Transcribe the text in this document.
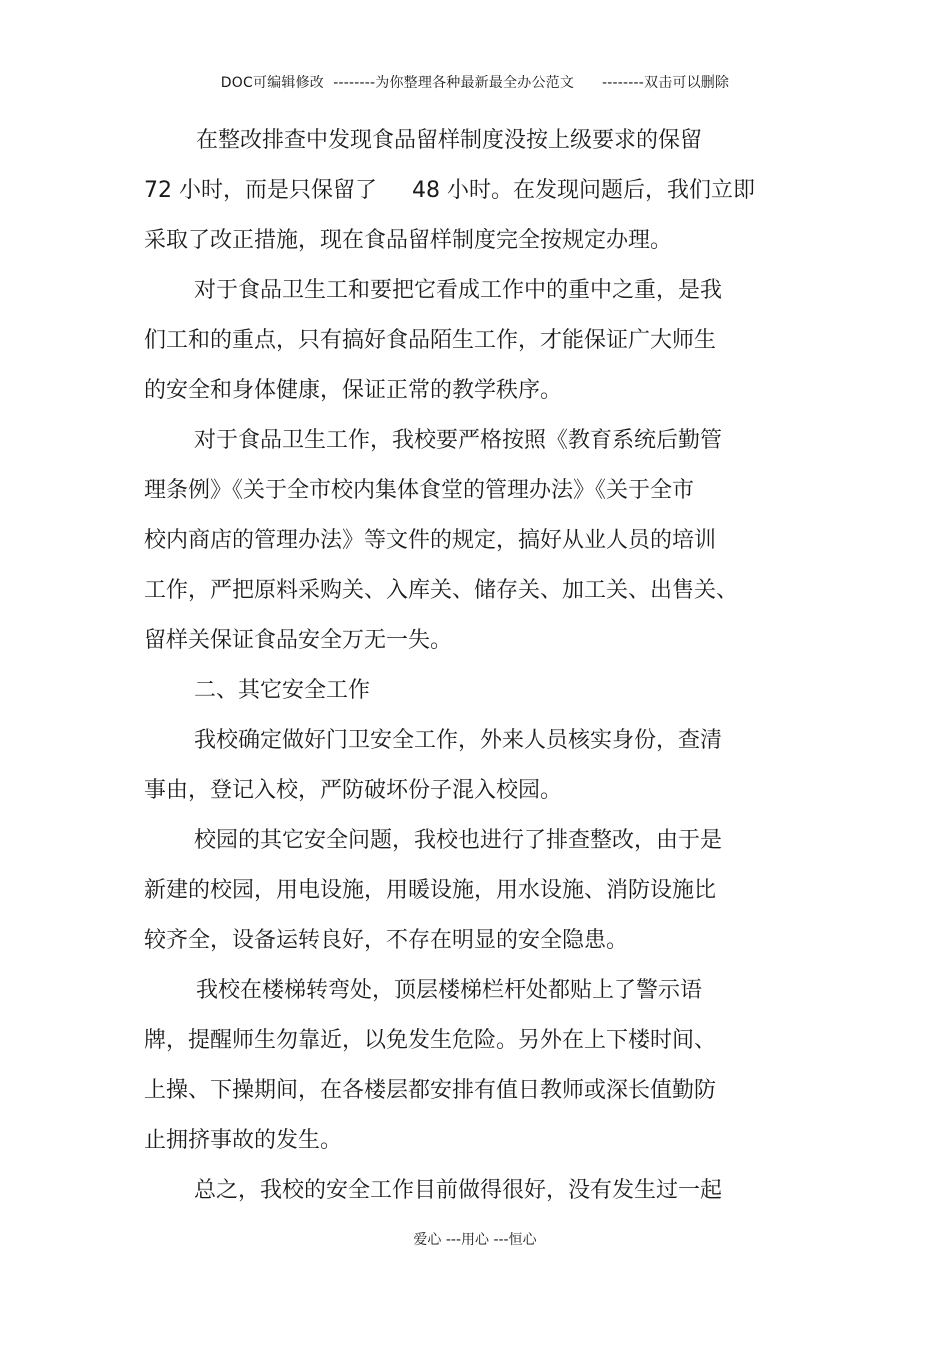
DOC可编辑修改  --------为你整理各种最新最全办公范文      --------双击可以删除
在整改排查中发现食品留样制度没按上级要求的保留
72 小时，而是只保留了     48 小时。在发现问题后，我们立即
采取了改正措施，现在食品留样制度完全按规定办理。
对于食品卫生工和要把它看成工作中的重中之重，是我
们工和的重点，只有搞好食品陌生工作，才能保证广大师生
的安全和身体健康，保证正常的教学秩序。
对于食品卫生工作，我校要严格按照《教育系统后勤管
理条例》《关于全市校内集体食堂的管理办法》《关于全市
校内商店的管理办法》等文件的规定，搞好从业人员的培训
工作，严把原料采购关、入库关、储存关、加工关、出售关、
留样关保证食品安全万无一失。
二、其它安全工作
我校确定做好门卫安全工作，外来人员核实身份，查清
事由，登记入校，严防破坏份子混入校园。
校园的其它安全问题，我校也进行了排查整改，由于是
新建的校园，用电设施，用暖设施，用水设施、消防设施比
较齐全，设备运转良好，不存在明显的安全隐患。
我校在楼梯转弯处，顶层楼梯栏杆处都贴上了警示语
牌，提醒师生勿靠近，以免发生危险。另外在上下楼时间、
上操、下操期间，在各楼层都安排有值日教师或深长值勤防
止拥挤事故的发生。
总之，我校的安全工作目前做得很好，没有发生过一起
爱心 ---用心 ---恒心
